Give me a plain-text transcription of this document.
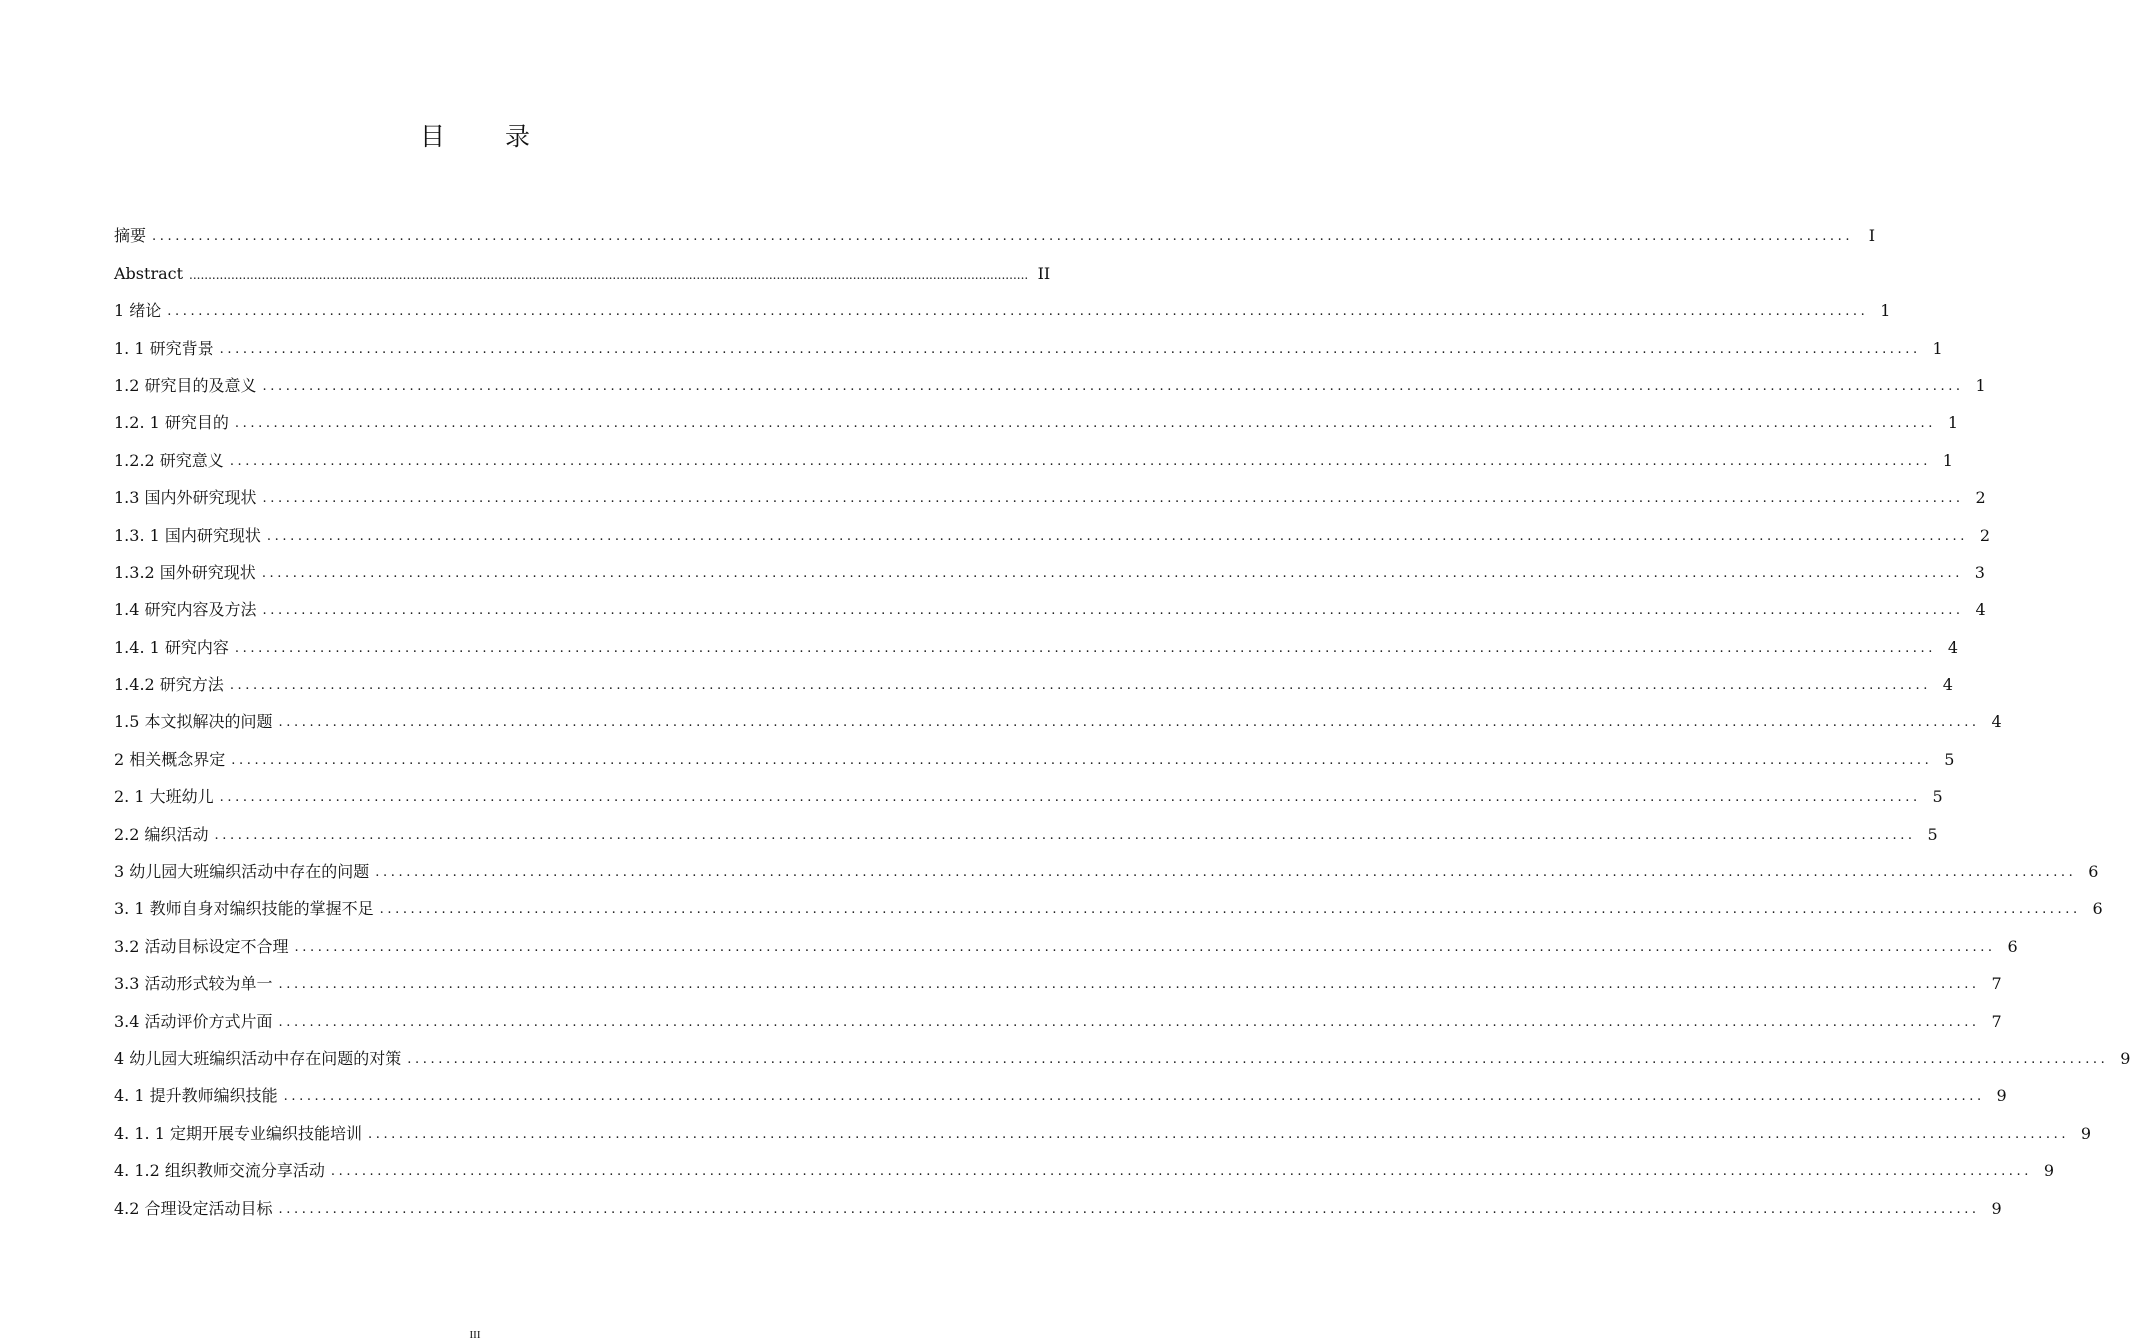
目 录
摘要 ............................................................................................................................................................................................................................ I
Abstract ............................................................................................................................................................................................................................ II
1 绪论 ............................................................................................................................................................................................................................ 1
1. 1 研究背景 ............................................................................................................................................................................................................................ 1
1.2 研究目的及意义 ............................................................................................................................................................................................................................ 1
1.2. 1 研究目的 ............................................................................................................................................................................................................................ 1
1.2.2 研究意义 ............................................................................................................................................................................................................................ 1
1.3 国内外研究现状 ............................................................................................................................................................................................................................ 2
1.3. 1 国内研究现状 ............................................................................................................................................................................................................................ 2
1.3.2 国外研究现状 ............................................................................................................................................................................................................................ 3
1.4 研究内容及方法 ............................................................................................................................................................................................................................ 4
1.4. 1 研究内容 ............................................................................................................................................................................................................................ 4
1.4.2 研究方法 ............................................................................................................................................................................................................................ 4
1.5 本文拟解决的问题 ............................................................................................................................................................................................................................ 4
2 相关概念界定 ............................................................................................................................................................................................................................ 5
2. 1 大班幼儿 ............................................................................................................................................................................................................................ 5
2.2 编织活动 ............................................................................................................................................................................................................................ 5
3 幼儿园大班编织活动中存在的问题 ............................................................................................................................................................................................................................ 6
3. 1 教师自身对编织技能的掌握不足 ............................................................................................................................................................................................................................ 6
3.2 活动目标设定不合理 ............................................................................................................................................................................................................................ 6
3.3 活动形式较为单一 ............................................................................................................................................................................................................................ 7
3.4 活动评价方式片面 ............................................................................................................................................................................................................................ 7
4 幼儿园大班编织活动中存在问题的对策 ............................................................................................................................................................................................................................ 9
4. 1 提升教师编织技能 ............................................................................................................................................................................................................................ 9
4. 1. 1 定期开展专业编织技能培训 ............................................................................................................................................................................................................................ 9
4. 1.2 组织教师交流分享活动 ............................................................................................................................................................................................................................ 9
4.2 合理设定活动目标 ............................................................................................................................................................................................................................ 9
III
